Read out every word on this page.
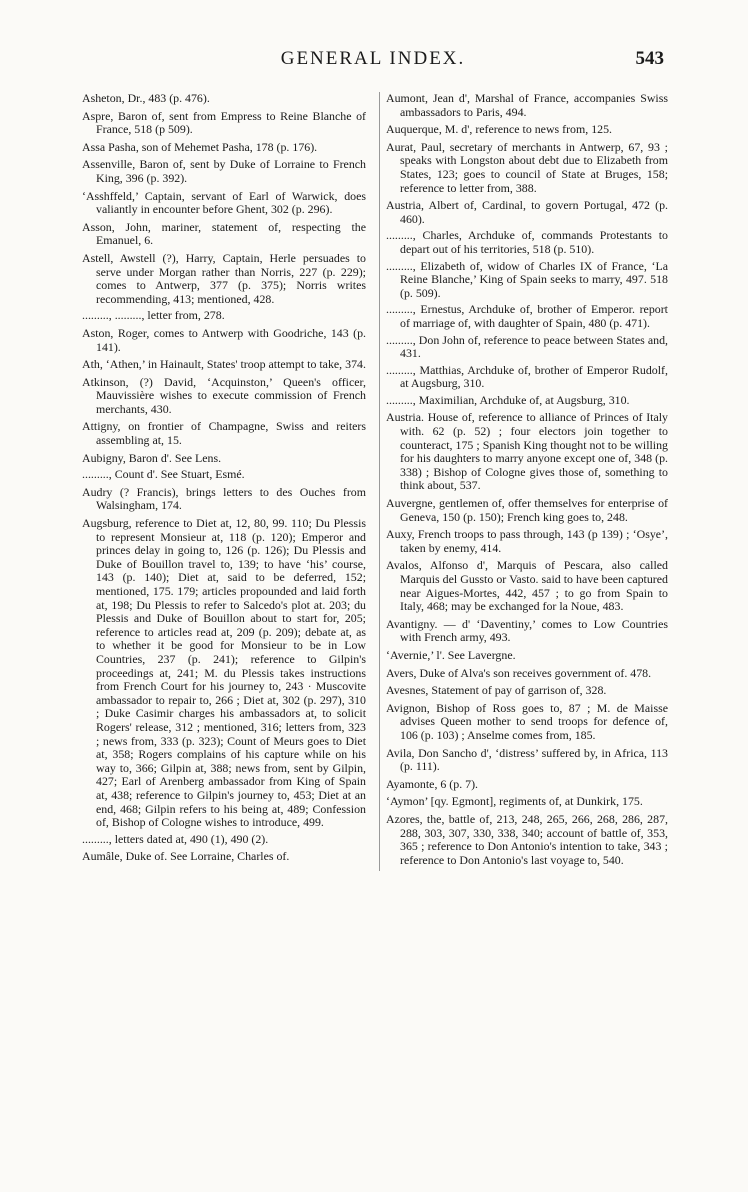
GENERAL INDEX.	543

Asheton, Dr., 483 (p. 476).

Aspre, Baron of, sent from Empress to Reine Blanche of France, 518 (p 509).

Assa Pasha, son of Mehemet Pasha, 178 (p. 176).

Assenville, Baron of, sent by Duke of Lorraine to French King, 396 (p. 392).

‘Asshffeld,’ Captain, servant of Earl of Warwick, does valiantly in encounter before Ghent, 302 (p. 296).

Asson, John, mariner, statement of, respecting the Emanuel, 6.

Astell, Awstell (?), Harry, Captain, Herle persuades to serve under Morgan rather than Norris, 227 (p. 229); comes to Antwerp, 377 (p. 375); Norris writes recommending, 413; mentioned, 428.

........., ........., letter from, 278.

Aston, Roger, comes to Antwerp with Goodriche, 143 (p. 141).

Ath, ‘Athen,’ in Hainault, States' troop attempt to take, 374.

Atkinson, (?) David, ‘Acquinston,’ Queen's officer, Mauvissière wishes to execute commission of French merchants, 430.

Attigny, on frontier of Champagne, Swiss and reiters assembling at, 15.

Aubigny, Baron d'. See Lens.

........., Count d'. See Stuart, Esmé.

Audry (? Francis), brings letters to des Ouches from Walsingham, 174.

Augsburg, reference to Diet at, 12, 80, 99. 110; Du Plessis to represent Monsieur at, 118 (p. 120); Emperor and princes delay in going to, 126 (p. 126); Du Plessis and Duke of Bouillon travel to, 139; to have ‘his’ course, 143 (p. 140); Diet at, said to be deferred, 152; mentioned, 175. 179; articles propounded and laid forth at, 198; Du Plessis to refer to Salcedo's plot at. 203; du Plessis and Duke of Bouillon about to start for, 205; reference to articles read at, 209 (p. 209); debate at, as to whether it be good for Monsieur to be in Low Countries, 237 (p. 241); reference to Gilpin's proceedings at, 241; M. du Plessis takes instructions from French Court for his journey to, 243 · Muscovite ambassador to repair to, 266 ; Diet at, 302 (p. 297), 310 ; Duke Casimir charges his ambassadors at, to solicit Rogers' release, 312 ; mentioned, 316; letters from, 323 ; news from, 333 (p. 323); Count of Meurs goes to Diet at, 358; Rogers complains of his capture while on his way to, 366; Gilpin at, 388; news from, sent by Gilpin, 427; Earl of Arenberg ambassador from King of Spain at, 438; reference to Gilpin's journey to, 453; Diet at an end, 468; Gilpin refers to his being at, 489; Confession of, Bishop of Cologne wishes to introduce, 499.

........., letters dated at, 490 (1), 490 (2).

Aumâle, Duke of. See Lorraine, Charles of.

Aumont, Jean d', Marshal of France, accompanies Swiss ambassadors to Paris, 494.

Auquerque, M. d', reference to news from, 125.

Aurat, Paul, secretary of merchants in Antwerp, 67, 93 ; speaks with Longston about debt due to Elizabeth from States, 123; goes to council of State at Bruges, 158; reference to letter from, 388.

Austria, Albert of, Cardinal, to govern Portugal, 472 (p. 460).

........., Charles, Archduke of, commands Protestants to depart out of his territories, 518 (p. 510).

........., Elizabeth of, widow of Charles IX of France, ‘La Reine Blanche,’ King of Spain seeks to marry, 497. 518 (p. 509).

........., Ernestus, Archduke of, brother of Emperor. report of marriage of, with daughter of Spain, 480 (p. 471).

........., Don John of, reference to peace between States and, 431.

........., Matthias, Archduke of, brother of Emperor Rudolf, at Augsburg, 310.

........., Maximilian, Archduke of, at Augsburg, 310.

Austria. House of, reference to alliance of Princes of Italy with. 62 (p. 52) ; four electors join together to counteract, 175 ; Spanish King thought not to be willing for his daughters to marry anyone except one of, 348 (p. 338) ; Bishop of Cologne gives those of, something to think about, 537.

Auvergne, gentlemen of, offer themselves for enterprise of Geneva, 150 (p. 150); French king goes to, 248.

Auxy, French troops to pass through, 143 (p 139) ; ‘Osye’, taken by enemy, 414.

Avalos, Alfonso d', Marquis of Pescara, also called Marquis del Gussto or Vasto. said to have been captured near Aigues-Mortes, 442, 457 ; to go from Spain to Italy, 468; may be exchanged for la Noue, 483.

Avantigny. — d' ‘Daventiny,’ comes to Low Countries with French army, 493.

‘Avernie,’ l'. See Lavergne.

Avers, Duke of Alva's son receives government of. 478.

Avesnes, Statement of pay of garrison of, 328.

Avignon, Bishop of Ross goes to, 87 ; M. de Maisse advises Queen mother to send troops for defence of, 106 (p. 103) ; Anselme comes from, 185.

Avila, Don Sancho d', ‘distress’ suffered by, in Africa, 113 (p. 111).

Ayamonte, 6 (p. 7).

‘Aymon’ [qy. Egmont], regiments of, at Dunkirk, 175.

Azores, the, battle of, 213, 248, 265, 266, 268, 286, 287, 288, 303, 307, 330, 338, 340; account of battle of, 353, 365 ; reference to Don Antonio's intention to take, 343 ; reference to Don Antonio's last voyage to, 540.
